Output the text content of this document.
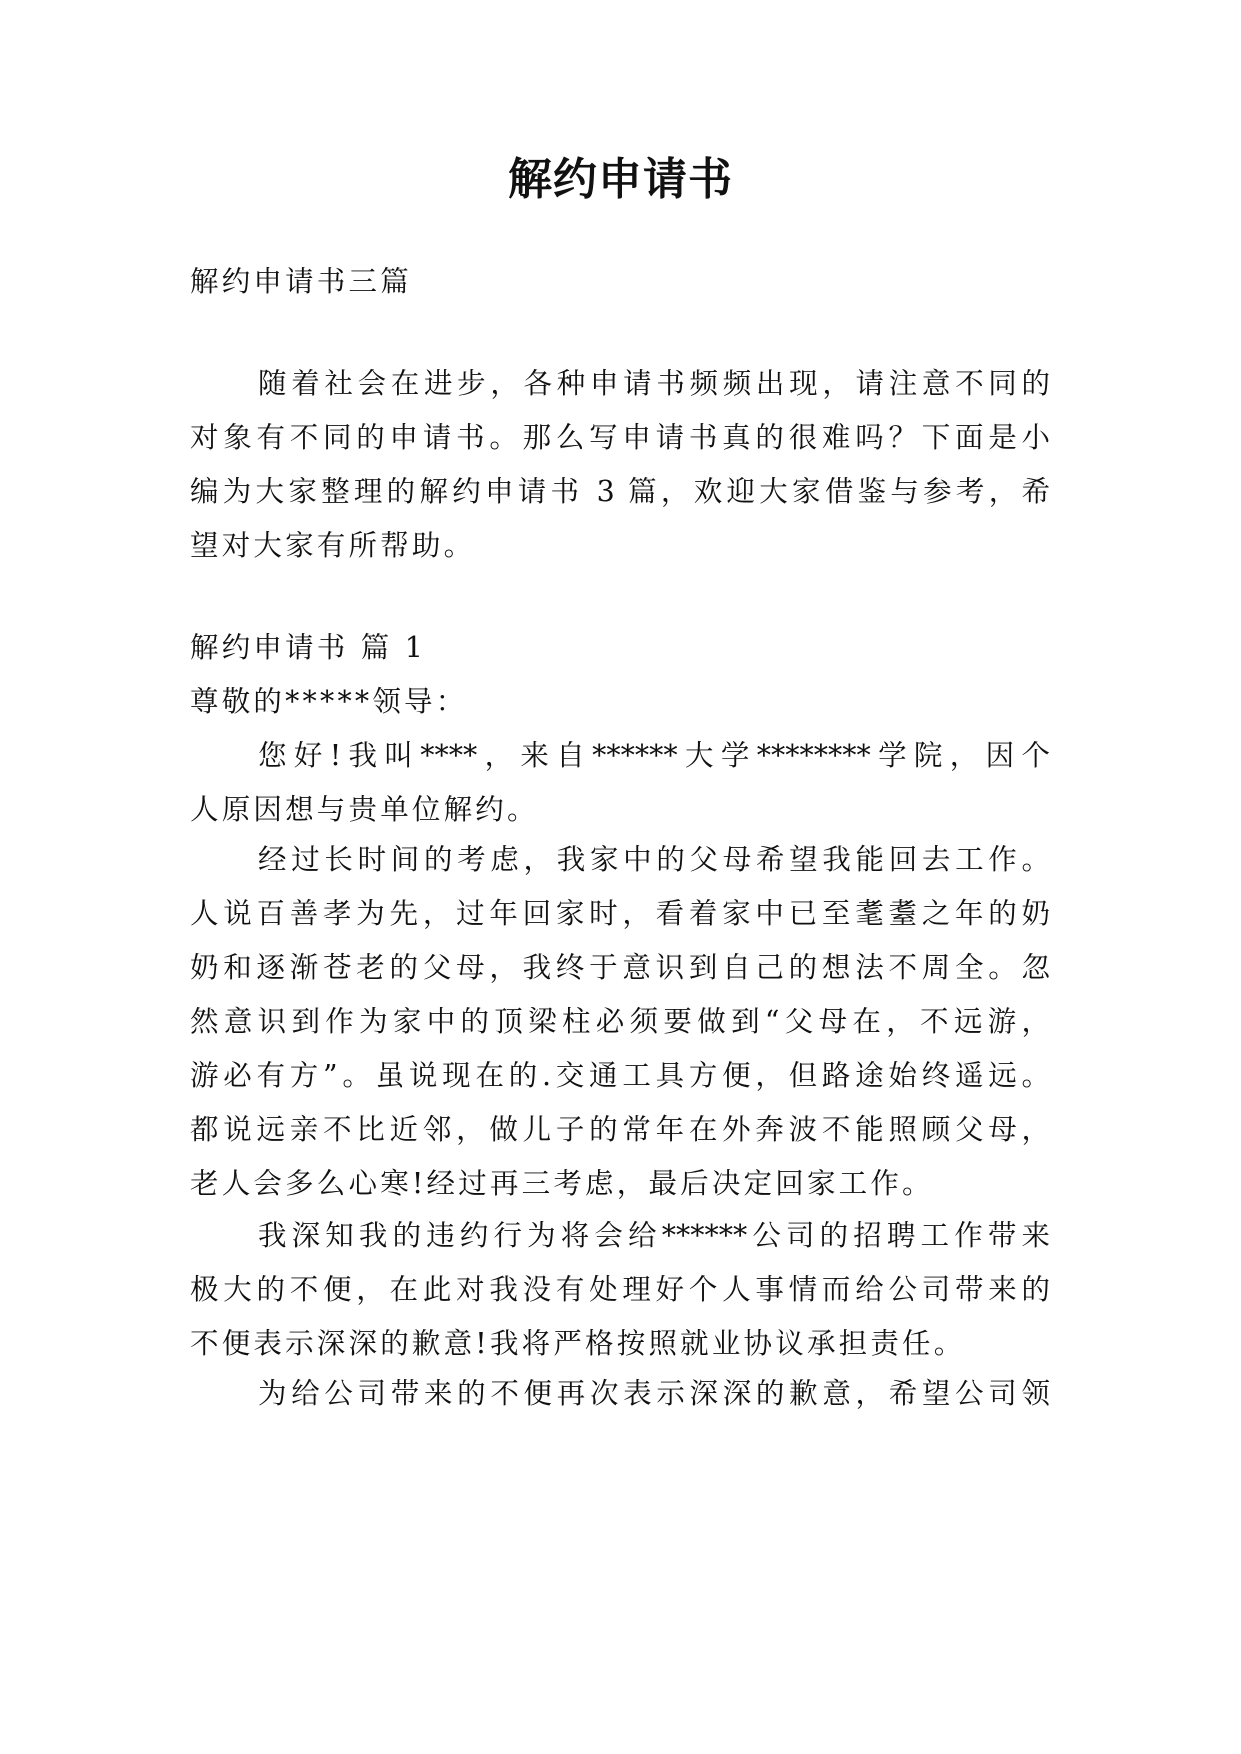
解约申请书
解约申请书三篇
随着社会在进步，各种申请书频频出现，请注意不同的
对象有不同的申请书。那么写申请书真的很难吗？下面是小
编为大家整理的解约申请书 3 篇，欢迎大家借鉴与参考，希
望对大家有所帮助。
解约申请书 篇 1
尊敬的*****领导：
您好!我叫****，来自******大学********学院，因个
人原因想与贵单位解约。
经过长时间的考虑，我家中的父母希望我能回去工作。
人说百善孝为先，过年回家时，看着家中已至耄耋之年的奶
奶和逐渐苍老的父母，我终于意识到自己的想法不周全。忽
然意识到作为家中的顶梁柱必须要做到“父母在，不远游，
游必有方”。虽说现在的.交通工具方便，但路途始终遥远。
都说远亲不比近邻，做儿子的常年在外奔波不能照顾父母，
老人会多么心寒!经过再三考虑，最后决定回家工作。
我深知我的违约行为将会给******公司的招聘工作带来
极大的不便，在此对我没有处理好个人事情而给公司带来的
不便表示深深的歉意!我将严格按照就业协议承担责任。
为给公司带来的不便再次表示深深的歉意，希望公司领
